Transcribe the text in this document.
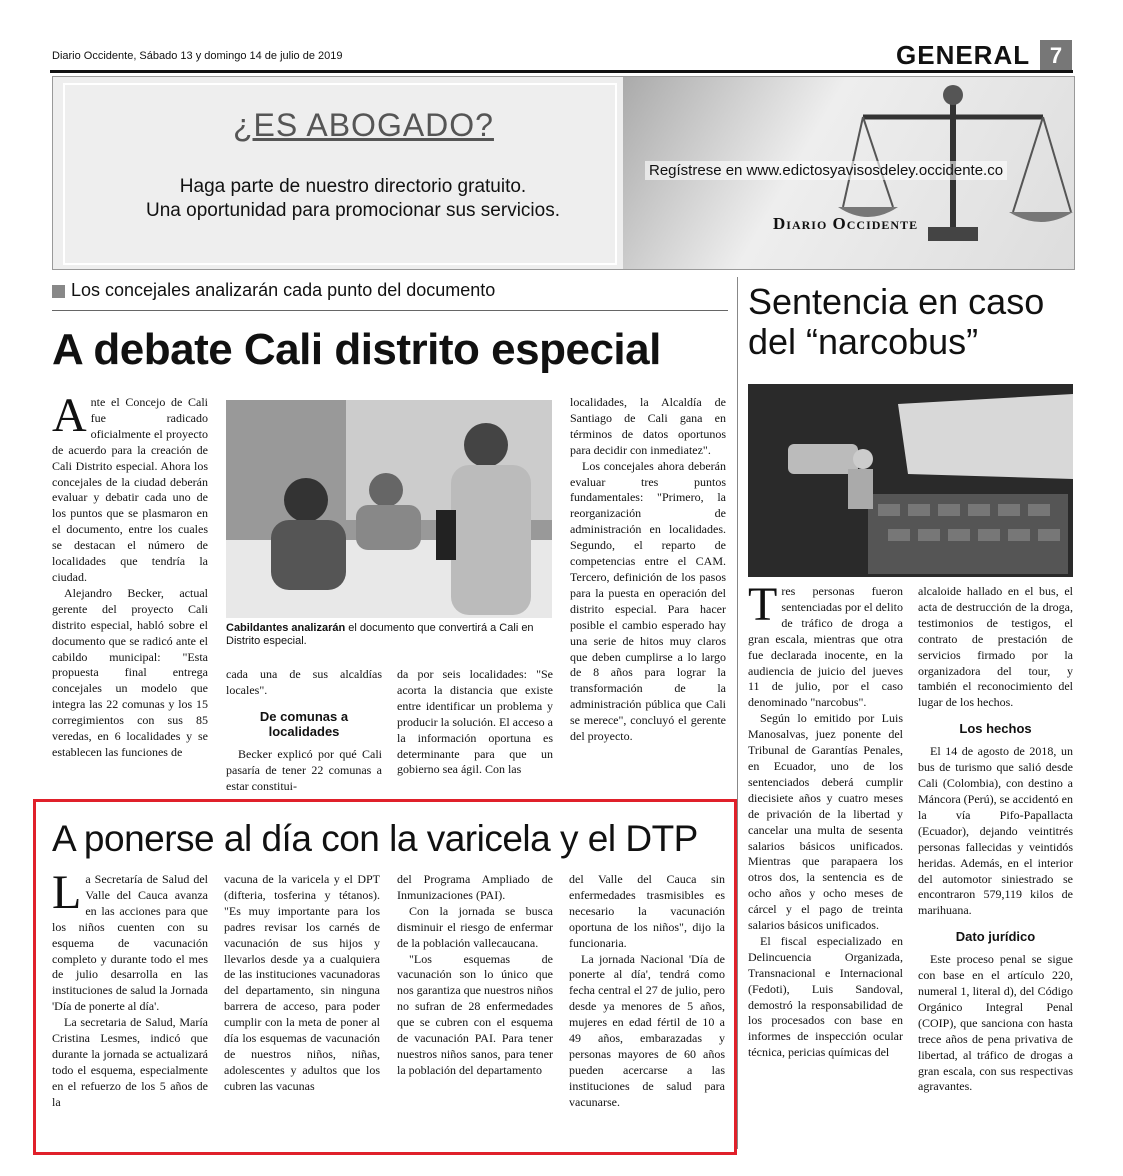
Diario Occidente, Sábado 13 y domingo 14 de julio de 2019	GENERAL 7
¿ES ABOGADO?
Haga parte de nuestro directorio gratuito.
Una oportunidad para promocionar sus servicios.
Regístrese en www.edictosyavisosdeley.occidente.co
Diario Occidente
Los concejales analizarán cada punto del documento
A debate Cali distrito especial

Ante el Concejo de Cali fue radicado oficialmente el proyecto de acuerdo para la creación de Cali Distrito especial. Ahora los concejales de la ciudad deberán evaluar y debatir cada uno de los puntos que se plasmaron en el documento, entre los cuales se destacan el número de localidades que tendría la ciudad.

Alejandro Becker, actual gerente del proyecto Cali distrito especial, habló sobre el documento que se radicó ante el cabildo municipal: "Esta propuesta final entrega concejales un modelo que integra las 22 comunas y los 15 corregimientos con sus 85 veredas, en 6 localidades y se establecen las funciones de

Cabildantes analizarán el documento que convertirá a Cali en Distrito especial.

cada una de sus alcaldías locales".

De comunas a localidades

Becker explicó por qué Cali pasaría de tener 22 comunas a estar constitui-

da por seis localidades: "Se acorta la distancia que existe entre identificar un problema y producir la solución. El acceso a la información oportuna es determinante para que un gobierno sea ágil. Con las

localidades, la Alcaldía de Santiago de Cali gana en términos de datos oportunos para decidir con inmediatez".

Los concejales ahora deberán evaluar tres puntos fundamentales: "Primero, la reorganización de administración en localidades. Segundo, el reparto de competencias entre el CAM. Tercero, definición de los pasos para la puesta en operación del distrito especial. Para hacer posible el cambio esperado hay una serie de hitos muy claros que deben cumplirse a lo largo de 8 años para lograr la transformación de la administración pública que Cali se merece", concluyó el gerente del proyecto.

Sentencia en caso del “narcobus”

Tres personas fueron sentenciadas por el delito de tráfico de droga a gran escala, mientras que otra fue declarada inocente, en la audiencia de juicio del jueves 11 de julio, por el caso denominado "narcobus".

Según lo emitido por Luis Manosalvas, juez ponente del Tribunal de Garantías Penales, en Ecuador, uno de los sentenciados deberá cumplir diecisiete años y cuatro meses de privación de la libertad y cancelar una multa de sesenta salarios básicos unificados. Mientras que parapaera los otros dos, la sentencia es de ocho años y ocho meses de cárcel y el pago de treinta salarios básicos unificados.

El fiscal especializado en Delincuencia Organizada, Transnacional e Internacional (Fedoti), Luis Sandoval, demostró la responsabilidad de los procesados con base en informes de inspección ocular técnica, pericias químicas del

alcaloide hallado en el bus, el acta de destrucción de la droga, testimonios de testigos, el contrato de prestación de servicios firmado por la organizadora del tour, y también el reconocimiento del lugar de los hechos.

Los hechos

El 14 de agosto de 2018, un bus de turismo que salió desde Cali (Colombia), con destino a Máncora (Perú), se accidentó en la vía Pifo-Papallacta (Ecuador), dejando veintitrés personas fallecidas y veintidós heridas. Además, en el interior del automotor siniestrado se encontraron 579,119 kilos de marihuana.

Dato jurídico

Este proceso penal se sigue con base en el artículo 220, numeral 1, literal d), del Código Orgánico Integral Penal (COIP), que sanciona con hasta trece años de pena privativa de libertad, al tráfico de drogas a gran escala, con sus respectivas agravantes.

A ponerse al día con la varicela y el DTP

La Secretaría de Salud del Valle del Cauca avanza en las acciones para que los niños cuenten con su esquema de vacunación completo y durante todo el mes de julio desarrolla en las instituciones de salud la Jornada 'Día de ponerte al día'.

La secretaria de Salud, María Cristina Lesmes, indicó que durante la jornada se actualizará todo el esquema, especialmente en el refuerzo de los 5 años de la

vacuna de la varicela y el DPT (difteria, tosferina y tétanos). "Es muy importante para los padres revisar los carnés de vacunación de sus hijos y llevarlos desde ya a cualquiera de las instituciones vacunadoras del departamento, sin ninguna barrera de acceso, para poder cumplir con la meta de poner al día los esquemas de vacunación de nuestros niños, niñas, adolescentes y adultos que los cubren las vacunas

del Programa Ampliado de Inmunizaciones (PAI).

Con la jornada se busca disminuir el riesgo de enfermar de la población vallecaucana.

"Los esquemas de vacunación son lo único que nos garantiza que nuestros niños no sufran de 28 enfermedades que se cubren con el esquema de vacunación PAI. Para tener nuestros niños sanos, para tener la población del departamento

del Valle del Cauca sin enfermedades trasmisibles es necesario la vacunación oportuna de los niños", dijo la funcionaria.

La jornada Nacional 'Día de ponerte al día', tendrá como fecha central el 27 de julio, pero desde ya menores de 5 años, mujeres en edad fértil de 10 a 49 años, embarazadas y personas mayores de 60 años pueden acercarse a las instituciones de salud para vacunarse.
